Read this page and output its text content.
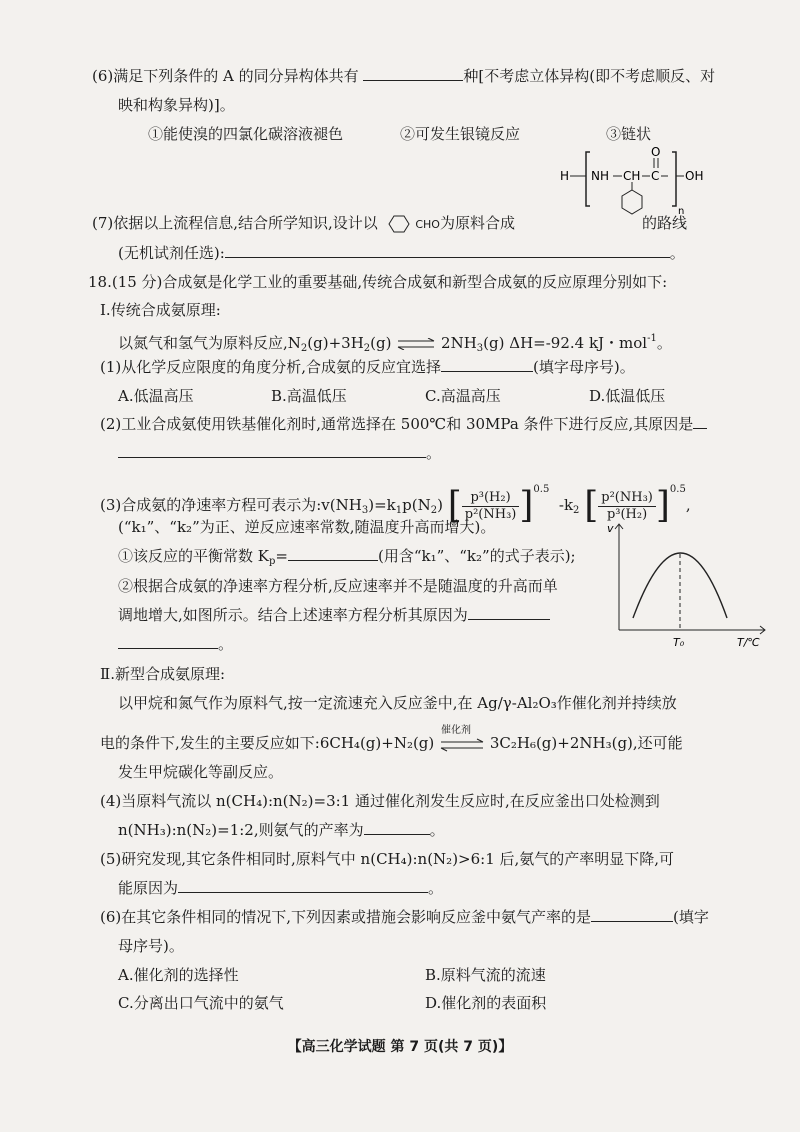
(6)满足下列条件的 A 的同分异构体共有	种[不考虑立体异构(即不考虑顺反、对
映和构象异构)]。
①能使溴的四氯化碳溶液褪色	②可发生银镜反应	③链状
H NH CH C
O
OH
n
(7)依据以上流程信息,结合所学知识,设计以	CHO为原料合成	的路线
(无机试剂任选):	。
18.(15 分)合成氨是化学工业的重要基础,传统合成氨和新型合成氨的反应原理分别如下:
Ⅰ.传统合成氨原理:
以氮气和氢气为原料反应$,N_2(g)+3H_2(g)$ ⇌ $2NH_3(g)$ ΔH=-92.4 kJ・mol$^{-1}$。
(1)从化学反应限度的角度分析,合成氨的反应宜选择	(填字母序号)。
A.低温高压	B.高温低压	C.高温高压	D.低温低压
(2)工业合成氨使用铁基催化剂时,通常选择在 500℃和 30MPa 条件下进行反应,其原因是
。
(3)合成氨的净速率方程可表示为$:v(NH_3)=k_1p(N_2)$ [ $\frac{\text{p³(H₂)}}{\text{p²(NH₃)}} ]^{0.5}$  $-k_2$ [ $\frac{\text{p²(NH₃)}}{\text{p³(H₂)}} ]^{0.5}$,
(“k₁”、“k₂”为正、逆反应速率常数,随温度升高而增大)。
①该反应的平衡常数 $K_p=$	(用含“k₁”、“k₂”的式子表示);
②根据合成氨的净速率方程分析,反应速率并不是随温度的升高而单
调地增大,如图所示。结合上述速率方程分析其原因为
。
v
T₀	T/℃
Ⅱ.新型合成氨原理:
以甲烷和氮气作为原料气,按一定流速充入反应釜中,在 Ag/γ-Al₂O₃作催化剂并持续放
电的条件下,发生的主要反应如下:6CH₄(g)+N₂(g)
催化剂
3C₂H₆(g)+2NH₃(g),还可能
发生甲烷碳化等副反应。
(4)当原料气流以 n(CH₄):n(N₂)=3:1 通过催化剂发生反应时,在反应釜出口处检测到
n(NH₃):n(N₂)=1:2,则氨气的产率为	。
(5)研究发现,其它条件相同时,原料气中 n(CH₄):n(N₂)>6:1 后,氨气的产率明显下降,可
能原因为	。
(6)在其它条件相同的情况下,下列因素或措施会影响反应釜中氨气产率的是	(填字
母序号)。
A.催化剂的选择性	B.原料气流的流速
C.分离出口气流中的氨气	D.催化剂的表面积
【高三化学试题 第 7 页(共 7 页)】
